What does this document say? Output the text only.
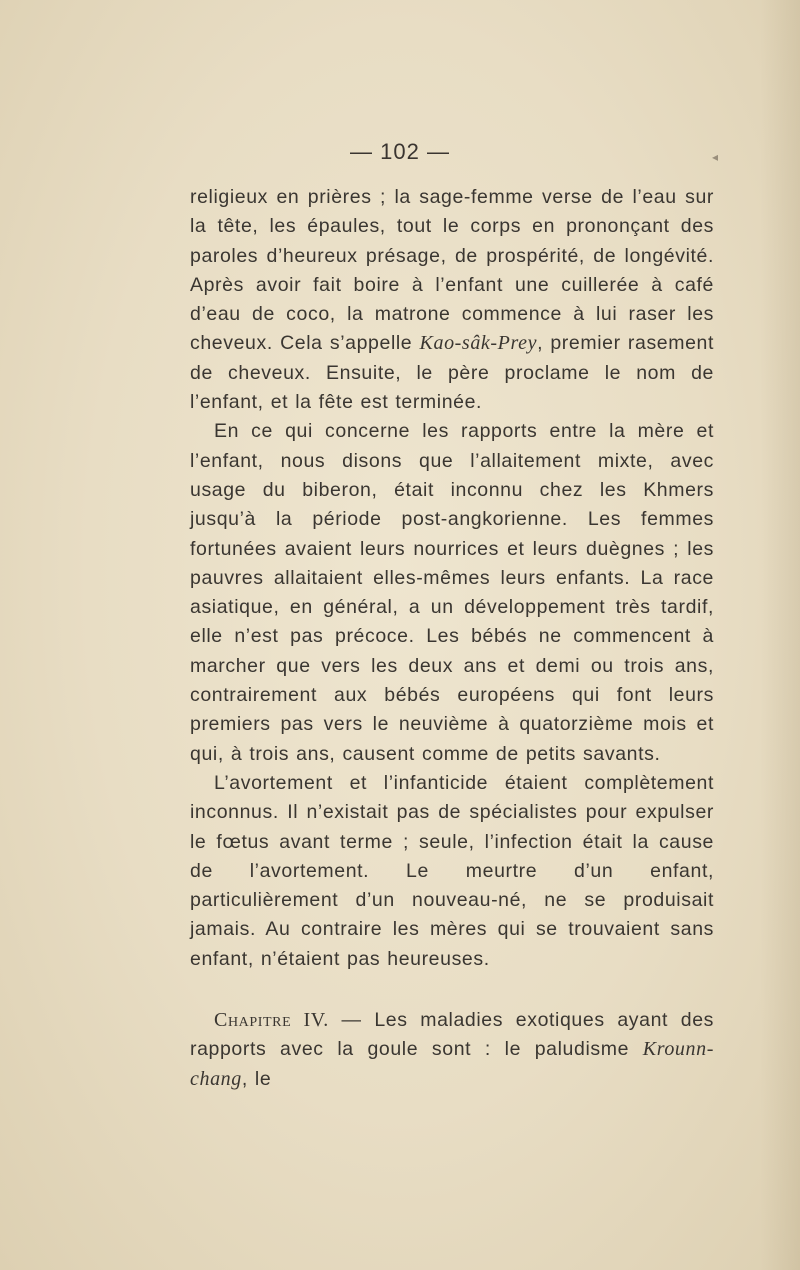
— 102 —

religieux en prières ; la sage-femme verse de l’eau sur la tête, les épaules, tout le corps en prononçant des paroles d’heureux présage, de prospérité, de longévité. Après avoir fait boire à l’enfant une cuillerée à café d’eau de coco, la matrone commence à lui raser les cheveux. Cela s’appelle Kao-sâk-Prey, premier rasement de cheveux. Ensuite, le père proclame le nom de l’enfant, et la fête est terminée.

En ce qui concerne les rapports entre la mère et l’enfant, nous disons que l’allaitement mixte, avec usage du biberon, était inconnu chez les Khmers jusqu’à la période post-angkorienne. Les femmes fortunées avaient leurs nourrices et leurs duègnes ; les pauvres allaitaient elles-mêmes leurs enfants. La race asiatique, en général, a un développement très tardif, elle n’est pas précoce. Les bébés ne commencent à marcher que vers les deux ans et demi ou trois ans, contrairement aux bébés européens qui font leurs premiers pas vers le neuvième à quatorzième mois et qui, à trois ans, causent comme de petits savants.

L’avortement et l’infanticide étaient complètement inconnus. Il n’existait pas de spécialistes pour expulser le fœtus avant terme ; seule, l’infection était la cause de l’avortement. Le meurtre d’un enfant, particulièrement d’un nouveau-né, ne se produisait jamais. Au contraire les mères qui se trouvaient sans enfant, n’étaient pas heureuses.

Chapitre IV. — Les maladies exotiques ayant des rapports avec la goule sont : le paludisme Krounn-chang, le

◂
